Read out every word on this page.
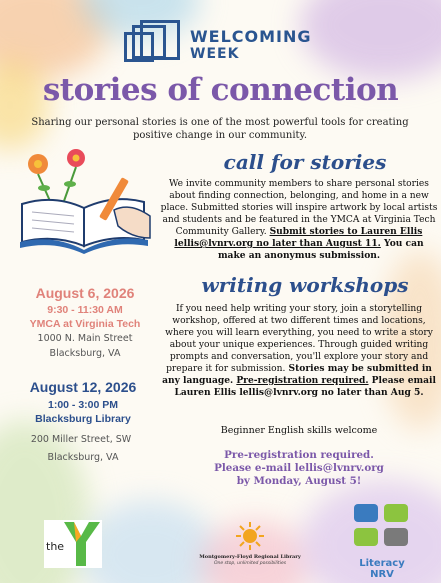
WELCOMING
WEEK
stories of connection
Sharing our personal stories is one of the most powerful tools for creating positive change in our community.
call for stories
We invite community members to share personal stories about finding connection, belonging, and home in a new place. Submitted stories will inspire artwork by local artists and students and be featured in the YMCA at Virginia Tech Community Gallery. Submit stories to Lauren Ellis lellis@lvnrv.org no later than August 11. You can make an anonymus submission.
writing workshops
If you need help writing your story, join a storytelling workshop, offered at two different times and locations, where you will learn everything, you need to write a story about your unique experiences. Through guided writing prompts and conversation, you'll explore your story and prepare it for submission. Stories may be submitted in any language. Pre-registration required. Please email Lauren Ellis lellis@lvnrv.org no later than Aug 5.
August 6, 2026
9:30 - 11:30 AM
YMCA at Virginia Tech
1000 N. Main Street
Blacksburg, VA
August 12, 2026
1:00 - 3:00 PM
Blacksburg Library
200 Miller Street, SW
Blacksburg, VA
Beginner English skills welcome
Pre-registration required.
Please e-mail lellis@lvnrv.org
by Monday, August 5!
the
Montgomery-Floyd Regional Library
One stop, unlimited possibilities	Literacy NRV
